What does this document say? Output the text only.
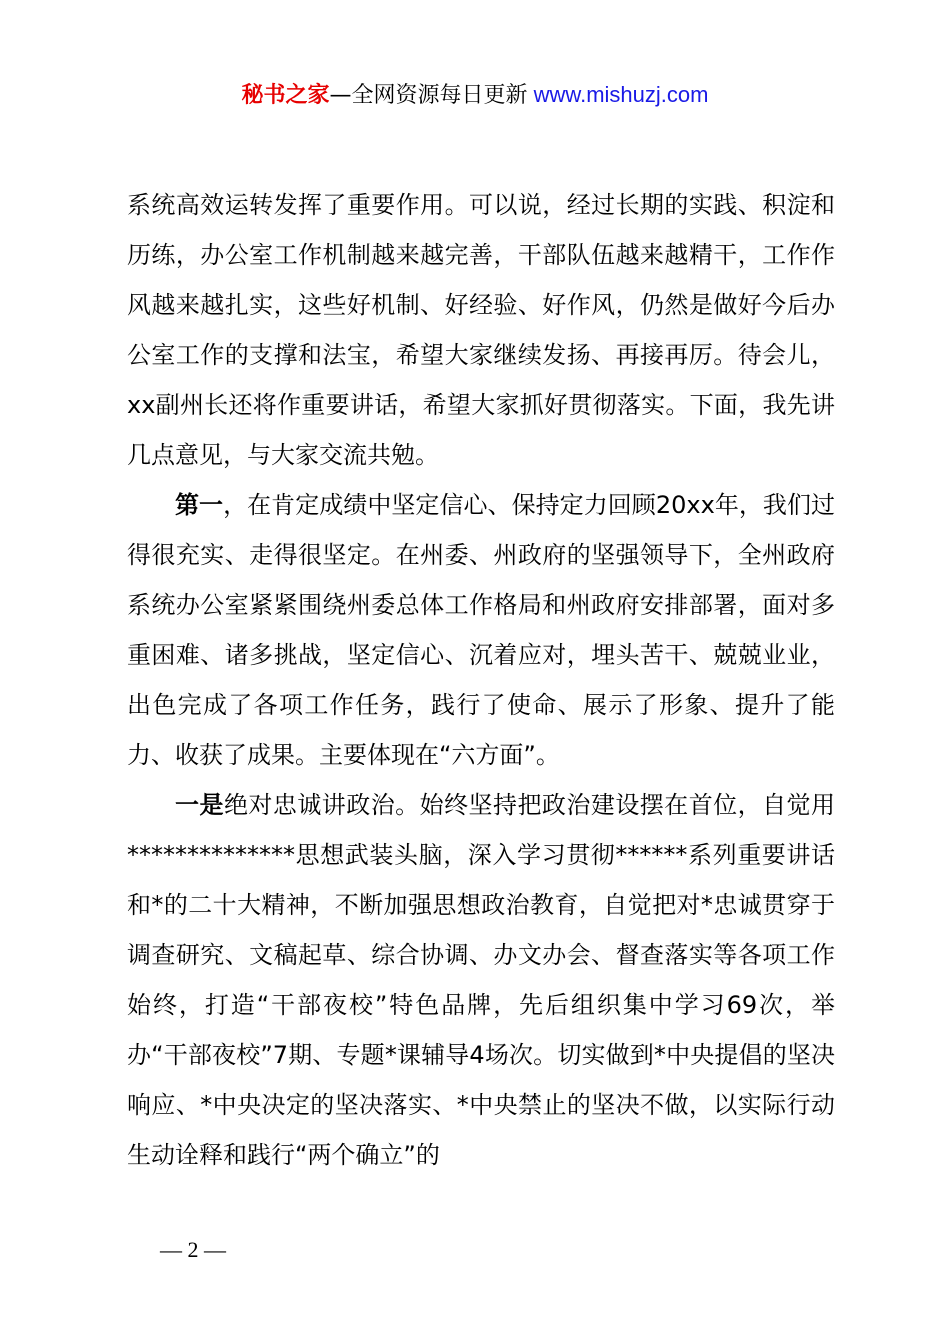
秘书之家—全网资源每日更新 www.mishuzj.com

系统高效运转发挥了重要作用。可以说，经过长期的实践、积淀和历练，办公室工作机制越来越完善，干部队伍越来越精干，工作作风越来越扎实，这些好机制、好经验、好作风，仍然是做好今后办公室工作的支撑和法宝，希望大家继续发扬、再接再厉。待会儿，xx副州长还将作重要讲话，希望大家抓好贯彻落实。下面，我先讲几点意见，与大家交流共勉。

第一，在肯定成绩中坚定信心、保持定力回顾20xx年，我们过得很充实、走得很坚定。在州委、州政府的坚强领导下，全州政府系统办公室紧紧围绕州委总体工作格局和州政府安排部署，面对多重困难、诸多挑战，坚定信心、沉着应对，埋头苦干、兢兢业业，出色完成了各项工作任务，践行了使命、展示了形象、提升了能力、收获了成果。主要体现在“六方面”。

一是绝对忠诚讲政治。始终坚持把政治建设摆在首位，自觉用**************思想武装头脑，深入学习贯彻******系列重要讲话和*的二十大精神，不断加强思想政治教育，自觉把对*忠诚贯穿于调查研究、文稿起草、综合协调、办文办会、督查落实等各项工作始终，打造“干部夜校”特色品牌，先后组织集中学习69次，举办“干部夜校”7期、专题*课辅导4场次。切实做到*中央提倡的坚决响应、*中央决定的坚决落实、*中央禁止的坚决不做，以实际行动生动诠释和践行“两个确立”的

— 2 —
